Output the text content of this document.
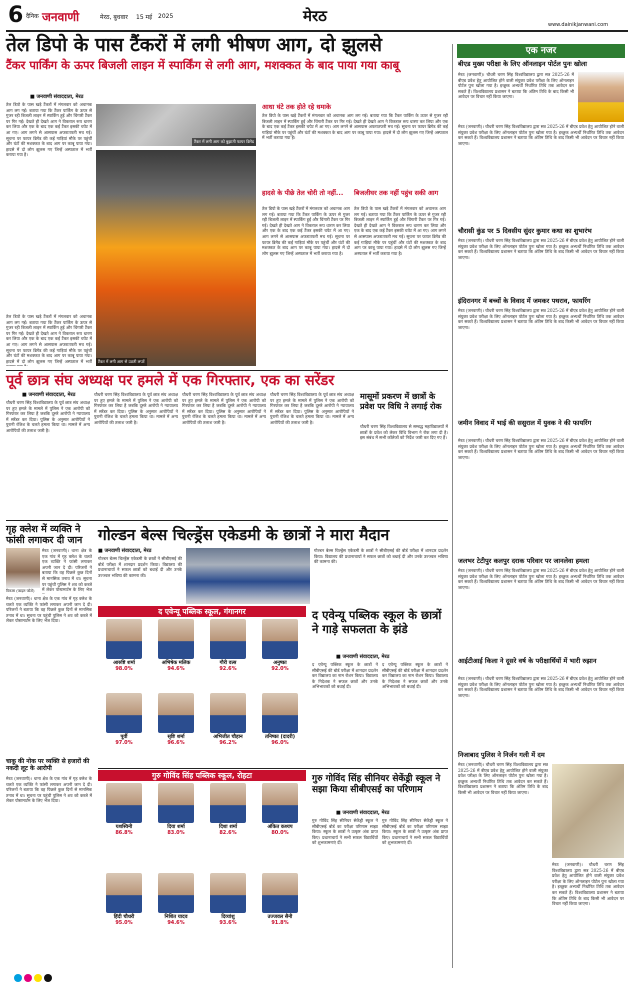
6 दैनिक जनवाणी	मेरठ, बुधवार 15 मई 2025	मेरठ	www.dainikjanwani.com
तेल डिपो के पास टैंकरों में लगी भीषण आग, दो झुलसे
टैंकर पार्किंग के ऊपर बिजली लाइन में स्पार्किंग से लगी आग, मशक्कत के बाद पाया गया काबू
टैंकर में लगी आग को बुझाती फायर ब्रिगेड
■ जनवाणी संवाददाता, मेरठ
तेल डिपो के पास खड़े टैंकरों में मंगलवार को अचानक आग लग गई। बताया गया कि टैंकर पार्किंग के ऊपर से गुजर रही बिजली लाइन में स्पार्किंग हुई और चिंगारी टैंकर पर गिर गई। देखते ही देखते आग ने विकराल रूप धारण कर लिया और एक के बाद एक कई टैंकर इसकी चपेट में आ गए। आग लगने से आसपास अफरातफरी मच गई। सूचना पर फायर ब्रिगेड की कई गाड़ियां मौके पर पहुंचीं और घंटों की मशक्कत के बाद आग पर काबू पाया गया। हादसे में दो लोग झुलस गए जिन्हें अस्पताल में भर्ती कराया गया है।
टैंकर में लगी आग से उठती लपटें
तेल डिपो के पास खड़े टैंकरों में मंगलवार को अचानक आग लग गई। बताया गया कि टैंकर पार्किंग के ऊपर से गुजर रही बिजली लाइन में स्पार्किंग हुई और चिंगारी टैंकर पर गिर गई। देखते ही देखते आग ने विकराल रूप धारण कर लिया और एक के बाद एक कई टैंकर इसकी चपेट में आ गए। आग लगने से आसपास अफरातफरी मच गई। सूचना पर फायर ब्रिगेड की कई गाड़ियां मौके पर पहुंचीं और घंटों की मशक्कत के बाद आग पर काबू पाया गया। हादसे में दो लोग झुलस गए जिन्हें अस्पताल में भर्ती
आधा घंटे तक होते रहे धमाके
तेल डिपो के पास खड़े टैंकरों में मंगलवार को अचानक आग लग गई। बताया गया कि टैंकर पार्किंग के ऊपर से गुजर रही बिजली लाइन में स्पार्किंग हुई और चिंगारी टैंकर पर गिर गई। देखते ही देखते आग ने विकराल रूप धारण कर लिया और एक के बाद एक कई टैंकर इसकी चपेट में आ गए। आग लगने से आसपास अफरातफरी मच गई। सूचना पर फायर ब्रिगेड की कई गाड़ियां मौके पर पहुंचीं और घंटों की मशक्कत के बाद आग पर काबू पाया गया। हादसे में दो लोग झुलस गए जिन्हें अस्पताल में भर्ती कराया गया है।
हादसे के पीछे तेल चोरी तो नहीं...
तेल डिपो के पास खड़े टैंकरों में मंगलवार को अचानक आग लग गई। बताया गया कि टैंकर पार्किंग के ऊपर से गुजर रही बिजली लाइन में स्पार्किंग हुई और चिंगारी टैंकर पर गिर गई। देखते ही देखते आग ने विकराल रूप धारण कर लिया और एक के बाद एक कई टैंकर इसकी चपेट में आ गए। आग लगने से आसपास अफरातफरी मच गई। सूचना पर फायर ब्रिगेड की कई गाड़ियां मौके पर पहुंचीं और घंटों की मशक्कत के बाद आग पर काबू पाया गया। हादसे में दो लोग झुलस गए जिन्हें अस्पताल में भर्ती कराया गया है।
बिजलीघर तक नहीं पहुंच सकी आग
तेल डिपो के पास खड़े टैंकरों में मंगलवार को अचानक आग लग गई। बताया गया कि टैंकर पार्किंग के ऊपर से गुजर रही बिजली लाइन में स्पार्किंग हुई और चिंगारी टैंकर पर गिर गई। देखते ही देखते आग ने विकराल रूप धारण कर लिया और एक के बाद एक कई टैंकर इसकी चपेट में आ गए। आग लगने से आसपास अफरातफरी मच गई। सूचना पर फायर ब्रिगेड की कई गाड़ियां मौके पर पहुंचीं और घंटों की मशक्कत के बाद आग पर काबू पाया गया। हादसे में दो लोग झुलस गए जिन्हें अस्पताल में भर्ती कराया गया है।
एक नजर
बीएड मुख्य परीक्षा के लिए ऑनलाइन पोर्टल पुनः खोला
मेरठ (जनवाणी)। चौधरी चरण सिंह विश्वविद्यालय द्वारा सत्र 2025-26 में बीएड प्रवेश हेतु आयोजित होने वाली संयुक्त प्रवेश परीक्षा के लिए ऑनलाइन पोर्टल पुनः खोला गया है। इच्छुक अभ्यर्थी निर्धारित तिथि तक आवेदन कर सकते हैं। विश्वविद्यालय प्रशासन ने बताया कि अंतिम तिथि के बाद किसी भी आवेदन पर विचार नहीं किया जाएगा।
मेरठ (जनवाणी)। चौधरी चरण सिंह विश्वविद्यालय द्वारा सत्र 2025-26 में बीएड प्रवेश हेतु आयोजित होने वाली संयुक्त प्रवेश परीक्षा के लिए ऑनलाइन पोर्टल पुनः खोला गया है। इच्छुक अभ्यर्थी निर्धारित तिथि तक आवेदन कर सकते हैं। विश्वविद्यालय प्रशासन ने बताया कि अंतिम तिथि के बाद किसी भी आवेदन पर विचार नहीं किया जाएगा।
चौरासी कुंड पर 5 दिवसीय सुंदर कुमार कथा का शुभारंभ
मेरठ (जनवाणी)। चौधरी चरण सिंह विश्वविद्यालय द्वारा सत्र 2025-26 में बीएड प्रवेश हेतु आयोजित होने वाली संयुक्त प्रवेश परीक्षा के लिए ऑनलाइन पोर्टल पुनः खोला गया है। इच्छुक अभ्यर्थी निर्धारित तिथि तक आवेदन कर सकते हैं। विश्वविद्यालय प्रशासन ने बताया कि अंतिम तिथि के बाद किसी भी आवेदन पर विचार नहीं किया जाएगा।
इंदिरानगर में बच्चों के विवाद में जमकर पथराव, फायरिंग
मेरठ (जनवाणी)। चौधरी चरण सिंह विश्वविद्यालय द्वारा सत्र 2025-26 में बीएड प्रवेश हेतु आयोजित होने वाली संयुक्त प्रवेश परीक्षा के लिए ऑनलाइन पोर्टल पुनः खोला गया है। इच्छुक अभ्यर्थी निर्धारित तिथि तक आवेदन कर सकते हैं। विश्वविद्यालय प्रशासन ने बताया कि अंतिम तिथि के बाद किसी भी आवेदन पर विचार नहीं किया जाएगा।
जमीन विवाद में भाई की ससुराल में युवक ने की फायरिंग
मेरठ (जनवाणी)। चौधरी चरण सिंह विश्वविद्यालय द्वारा सत्र 2025-26 में बीएड प्रवेश हेतु आयोजित होने वाली संयुक्त प्रवेश परीक्षा के लिए ऑनलाइन पोर्टल पुनः खोला गया है। इच्छुक अभ्यर्थी निर्धारित तिथि तक आवेदन कर सकते हैं। विश्वविद्यालय प्रशासन ने बताया कि अंतिम तिथि के बाद किसी भी आवेदन पर विचार नहीं किया जाएगा।
जलभर टेटीपुर कलपुर दराक परिवार पर जानलेवा हमला
मेरठ (जनवाणी)। चौधरी चरण सिंह विश्वविद्यालय द्वारा सत्र 2025-26 में बीएड प्रवेश हेतु आयोजित होने वाली संयुक्त प्रवेश परीक्षा के लिए ऑनलाइन पोर्टल पुनः खोला गया है। इच्छुक अभ्यर्थी निर्धारित तिथि तक आवेदन कर सकते हैं। विश्वविद्यालय प्रशासन ने बताया कि अंतिम तिथि के बाद किसी भी आवेदन पर विचार नहीं किया जाएगा।
आईटीआई किला ने दूसरे वर्ष के परीक्षार्थियों में भारी रुझान
मेरठ (जनवाणी)। चौधरी चरण सिंह विश्वविद्यालय द्वारा सत्र 2025-26 में बीएड प्रवेश हेतु आयोजित होने वाली संयुक्त प्रवेश परीक्षा के लिए ऑनलाइन पोर्टल पुनः खोला गया है। इच्छुक अभ्यर्थी निर्धारित तिथि तक आवेदन कर सकते हैं। विश्वविद्यालय प्रशासन ने बताया कि अंतिम तिथि के बाद किसी भी आवेदन पर विचार नहीं किया जाएगा।
निजाबाद पुलिस ने निर्जन गली में दम
मेरठ (जनवाणी)। चौधरी चरण सिंह विश्वविद्यालय द्वारा सत्र 2025-26 में बीएड प्रवेश हेतु आयोजित होने वाली संयुक्त प्रवेश परीक्षा के लिए ऑनलाइन पोर्टल पुनः खोला गया है। इच्छुक अभ्यर्थी निर्धारित तिथि तक आवेदन कर सकते हैं। विश्वविद्यालय प्रशासन ने बताया कि अंतिम तिथि के बाद किसी भी आवेदन पर विचार नहीं किया जाएगा।
मेरठ (जनवाणी)। चौधरी चरण सिंह विश्वविद्यालय द्वारा सत्र 2025-26 में बीएड प्रवेश हेतु आयोजित होने वाली संयुक्त प्रवेश परीक्षा के लिए ऑनलाइन पोर्टल पुनः खोला गया है। इच्छुक अभ्यर्थी निर्धारित तिथि तक आवेदन कर सकते हैं। विश्वविद्यालय प्रशासन ने बताया कि अंतिम तिथि के बाद किसी भी आवेदन पर विचार नहीं किया जाएगा।
पूर्व छात्र संघ अध्यक्ष पर हमले में एक गिरफ्तार, एक का सरेंडर
■ जनवाणी संवाददाता, मेरठ
चौधरी चरण सिंह विश्वविद्यालय के पूर्व छात्र संघ अध्यक्ष पर हुए हमले के मामले में पुलिस ने एक आरोपी को गिरफ्तार कर लिया है जबकि दूसरे आरोपी ने न्यायालय में सरेंडर कर दिया। पुलिस के अनुसार आरोपियों ने पुरानी रंजिश के चलते हमला किया था। मामले में अन्य आरोपियों की तलाश जारी है।
चौधरी चरण सिंह विश्वविद्यालय के पूर्व छात्र संघ अध्यक्ष पर हुए हमले के मामले में पुलिस ने एक आरोपी को गिरफ्तार कर लिया है जबकि दूसरे आरोपी ने न्यायालय में सरेंडर कर दिया। पुलिस के अनुसार आरोपियों ने पुरानी रंजिश के चलते हमला किया था। मामले में अन्य आरोपियों की तलाश जारी है।
चौधरी चरण सिंह विश्वविद्यालय के पूर्व छात्र संघ अध्यक्ष पर हुए हमले के मामले में पुलिस ने एक आरोपी को गिरफ्तार कर लिया है जबकि दूसरे आरोपी ने न्यायालय में सरेंडर कर दिया। पुलिस के अनुसार आरोपियों ने पुरानी रंजिश के चलते हमला किया था। मामले में अन्य आरोपियों की तलाश जारी है।
चौधरी चरण सिंह विश्वविद्यालय के पूर्व छात्र संघ अध्यक्ष पर हुए हमले के मामले में पुलिस ने एक आरोपी को गिरफ्तार कर लिया है जबकि दूसरे आरोपी ने न्यायालय में सरेंडर कर दिया। पुलिस के अनुसार आरोपियों ने पुरानी रंजिश के चलते हमला किया था। मामले में अन्य आरोपियों की तलाश जारी है।
मासूमों प्रकरण में छात्रों के प्रवेश पर विधि ने लगाई रोक
चौधरी चरण सिंह विश्वविद्यालय से सम्बद्ध महाविद्यालयों में छात्रों के प्रवेश को लेकर विधि विभाग ने रोक लगा दी है। इस संबंध में सभी कॉलेजों को निर्देश जारी कर दिए गए हैं।
गृह क्लेश में व्यक्ति ने फांसी लगाकर दी जान
विकास (फाइल फोटो)
मेरठ (जनवाणी)। थाना क्षेत्र के एक गांव में गृह क्लेश के चलते एक व्यक्ति ने फांसी लगाकर अपनी जान दे दी। परिजनों ने बताया कि वह पिछले कुछ दिनों से मानसिक तनाव में था। सूचना पर पहुंची पुलिस ने शव को कब्जे में लेकर पोस्टमार्टम के लिए भेज
मेरठ (जनवाणी)। थाना क्षेत्र के एक गांव में गृह क्लेश के चलते एक व्यक्ति ने फांसी लगाकर अपनी जान दे दी। परिजनों ने बताया कि वह पिछले कुछ दिनों से मानसिक तनाव में था। सूचना पर पहुंची पुलिस ने शव को कब्जे में लेकर पोस्टमार्टम के लिए भेज दिया।
चाकू की नोक पर व्यक्ति से हजारों की नकदी लूट के आरोपी
मेरठ (जनवाणी)। थाना क्षेत्र के एक गांव में गृह क्लेश के चलते एक व्यक्ति ने फांसी लगाकर अपनी जान दे दी। परिजनों ने बताया कि वह पिछले कुछ दिनों से मानसिक तनाव में था। सूचना पर पहुंची पुलिस ने शव को कब्जे में लेकर पोस्टमार्टम के लिए भेज दिया।
गोल्डन बेल्स चिल्ड्रेंस एकेडमी के छात्रों ने मारा मैदान
■ जनवाणी संवाददाता, मेरठ
गोल्डन बेल्स चिल्ड्रेंस एकेडमी के छात्रों ने सीबीएसई की बोर्ड परीक्षा में शानदार प्रदर्शन किया। विद्यालय की प्रधानाचार्या ने सफल छात्रों को बधाई दी और उनके उज्ज्वल भविष्य की कामना की।
गोल्डन बेल्स चिल्ड्रेंस एकेडमी के छात्रों ने सीबीएसई की बोर्ड परीक्षा में शानदार प्रदर्शन किया। विद्यालय की प्रधानाचार्या ने सफल छात्रों को बधाई दी और उनके उज्ज्वल भविष्य की कामना की।
द एवेन्यू पब्लिक स्कूल, गंगानगर
आरुष्टि शर्मा
98.0%
अभिषेक मलिक
94.6%
गौरी वत्स
92.6%
अनुष्का
92.0%
पूर्वी
97.0%
सृष्टि शर्मा
96.6%
अभिजीत चौहान
96.2%
तनिष्का (दादरी)
96.0%
गुरु गोविंद सिंह पब्लिक स्कूल, रोहटा
यशस्विनी
86.8%
दिया शर्मा
83.0%
दिशा शर्मा
82.6%
अंकित कश्यप
80.0%
हिंदी चौधरी
95.0%
निशित यादव
94.6%
दिव्यांशु
93.6%
उज्जवल सैनी
91.8%
द एवेन्यू पब्लिक स्कूल के छात्रों ने गाड़े सफलता के झंडे
■ जनवाणी संवाददाता, मेरठ
द एवेन्यू पब्लिक स्कूल के छात्रों ने सीबीएसई की बोर्ड परीक्षा में शानदार प्रदर्शन कर विद्यालय का नाम रोशन किया। विद्यालय के निदेशक ने सफल छात्रों और उनके अभिभावकों को बधाई दी।
द एवेन्यू पब्लिक स्कूल के छात्रों ने सीबीएसई की बोर्ड परीक्षा में शानदार प्रदर्शन कर विद्यालय का नाम रोशन किया। विद्यालय के निदेशक ने सफल छात्रों और उनके अभिभावकों को बधाई दी।
गुरु गोविंद सिंह सीनियर सेकेंड्री स्कूल ने सझा किया सीबीएसई का परिणाम
■ जनवाणी संवाददाता, मेरठ
गुरु गोविंद सिंह सीनियर सेकेंड्री स्कूल ने सीबीएसई बोर्ड का परीक्षा परिणाम साझा किया। स्कूल के छात्रों ने उत्कृष्ट अंक प्राप्त किए। प्रधानाचार्य ने सभी सफल विद्यार्थियों को शुभकामनाएं दीं।
गुरु गोविंद सिंह सीनियर सेकेंड्री स्कूल ने सीबीएसई बोर्ड का परीक्षा परिणाम साझा किया। स्कूल के छात्रों ने उत्कृष्ट अंक प्राप्त किए। प्रधानाचार्य ने सभी सफल विद्यार्थियों को शुभकामनाएं दीं।
